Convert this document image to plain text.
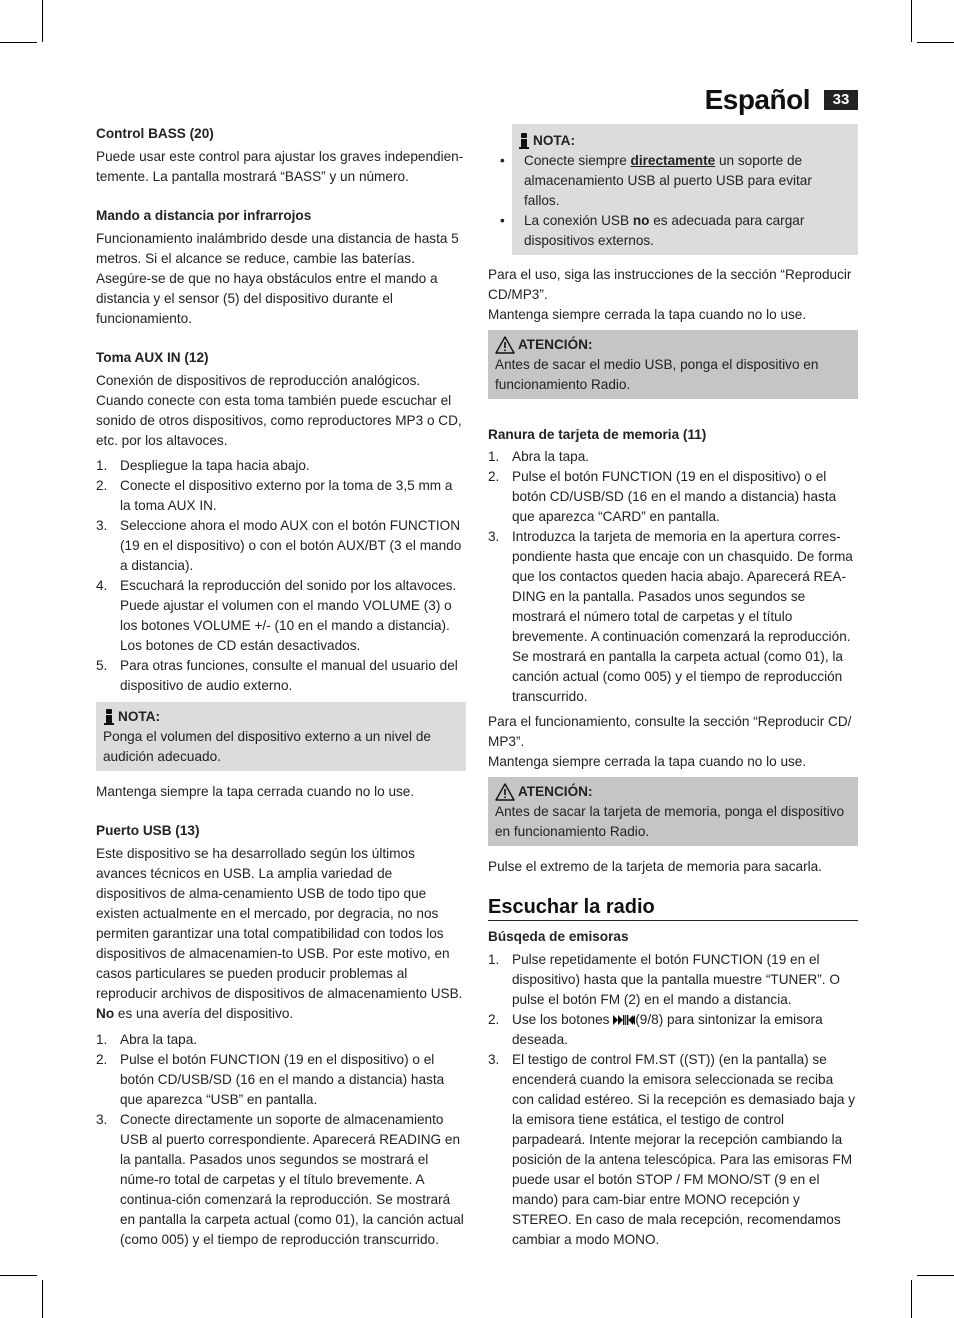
Español	33
Control BASS (20)

Puede usar este control para ajustar los graves independien-temente. La pantalla mostrará “BASS” y un número.

Mando a distancia por infrarrojos

Funcionamiento inalámbrido desde una distancia de hasta 5 metros. Si el alcance se reduce, cambie las baterías. Asegúre-se de que no haya obstáculos entre el mando a distancia y el sensor (5) del dispositivo durante el funcionamiento.

Toma AUX IN (12)

Conexión de dispositivos de reproducción analógicos. Cuando conecte con esta toma también puede escuchar el sonido de otros dispositivos, como reproductores MP3 o CD, etc. por los altavoces.

1. Despliegue la tapa hacia abajo.
2. Conecte el dispositivo externo por la toma de 3,5 mm a la toma AUX IN.
3. Seleccione ahora el modo AUX con el botón FUNCTION (19 en el dispositivo) o con el botón AUX/BT (3 el mando a distancia).
4. Escuchará la reproducción del sonido por los altavoces. Puede ajustar el volumen con el mando VOLUME (3) o los botones VOLUME +/- (10 en el mando a distancia). Los botones de CD están desactivados.
5. Para otras funciones, consulte el manual del usuario del dispositivo de audio externo.
NOTA:

Ponga el volumen del dispositivo externo a un nivel de audición adecuado.

Mantenga siempre la tapa cerrada cuando no lo use.

Puerto USB (13)

Este dispositivo se ha desarrollado según los últimos avances técnicos en USB. La amplia variedad de dispositivos de alma-cenamiento USB de todo tipo que existen actualmente en el mercado, por degracia, no nos permiten garantizar una total compatibilidad con todos los dispositivos de almacenamien-to USB. Por este motivo, en casos particulares se pueden producir problemas al reproducir archivos de dispositivos de almacenamiento USB. No es una avería del dispositivo.

1. Abra la tapa.
2. Pulse el botón FUNCTION (19 en el dispositivo) o el botón CD/USB/SD (16 en el mando a distancia) hasta que aparezca “USB” en pantalla.
3. Conecte directamente un soporte de almacenamiento USB al puerto correspondiente. Aparecerá READING en la pantalla. Pasados unos segundos se mostrará el núme-ro total de carpetas y el título brevemente. A continua-ción comenzará la reproducción. Se mostrará en pantalla la carpeta actual (como 01), la canción actual (como 005) y el tiempo de reproducción transcurrido.
NOTA:
• Conecte siempre directamente un soporte de almacenamiento USB al puerto USB para evitar fallos.
• La conexión USB no es adecuada para cargar dispositivos externos.

Para el uso, siga las instrucciones de la sección “Reproducir CD/MP3”.

Mantenga siempre cerrada la tapa cuando no lo use.

ATENCIÓN:

Antes de sacar el medio USB, ponga el dispositivo en funcionamiento Radio.

Ranura de tarjeta de memoria (11)
1. Abra la tapa.
2. Pulse el botón FUNCTION (19 en el dispositivo) o el botón CD/USB/SD (16 en el mando a distancia) hasta que aparezca “CARD” en pantalla.
3. Introduzca la tarjeta de memoria en la apertura corres-pondiente hasta que encaje con un chasquido. De forma que los contactos queden hacia abajo. Aparecerá REA-DING en la pantalla. Pasados unos segundos se mostrará el número total de carpetas y el título brevemente. A continuación comenzará la reproducción. Se mostrará en pantalla la carpeta actual (como 01), la canción actual (como 005) y el tiempo de reproducción transcurrido.

Para el funcionamiento, consulte la sección “Reproducir CD/ MP3”.

Mantenga siempre cerrada la tapa cuando no lo use.

ATENCIÓN:

Antes de sacar la tarjeta de memoria, ponga el dispositivo en funcionamiento Radio.

Pulse el extremo de la tarjeta de memoria para sacarla.

Escuchar la radio
Búsqeda de emisoras
1. Pulse repetidamente el botón FUNCTION (19 en el dispositivo) hasta que la pantalla muestre “TUNER”. O pulse el botón FM (2) en el mando a distancia.
2. Use los botones (9/8) para sintonizar la emisora deseada.
3. El testigo de control FM.ST ((ST)) (en la pantalla) se encenderá cuando la emisora seleccionada se reciba con calidad estéreo. Si la recepción es demasiado baja y la emisora tiene estática, el testigo de control parpadeará. Intente mejorar la recepción cambiando la posición de la antena telescópica. Para las emisoras FM puede usar el botón STOP / FM MONO/ST (9 en el mando) para cam-biar entre MONO recepción y STEREO. En caso de mala recepción, recomendamos cambiar a modo MONO.
